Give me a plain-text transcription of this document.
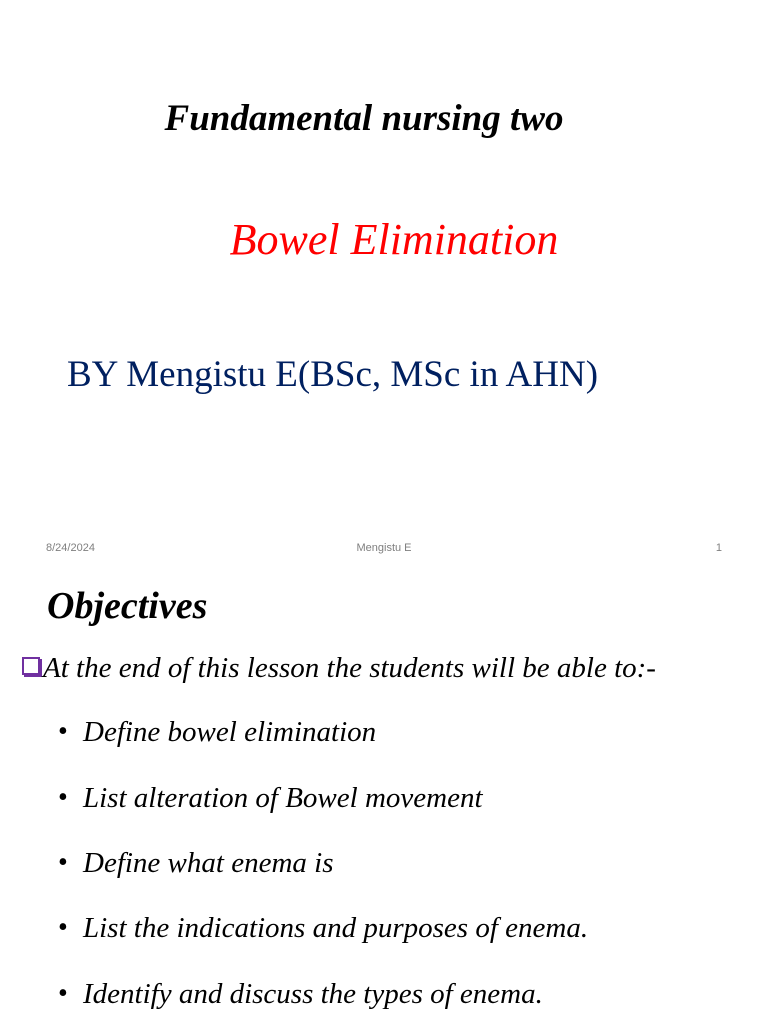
Fundamental nursing two
Bowel Elimination
BY Mengistu E(BSc, MSc in AHN)
8/24/2024	Mengistu E	1
Objectives
At the end of this lesson the students will be able to:-
• Define bowel elimination
• List alteration of Bowel movement
• Define what enema is
• List the indications and purposes of enema.
• Identify and discuss the types of enema.
